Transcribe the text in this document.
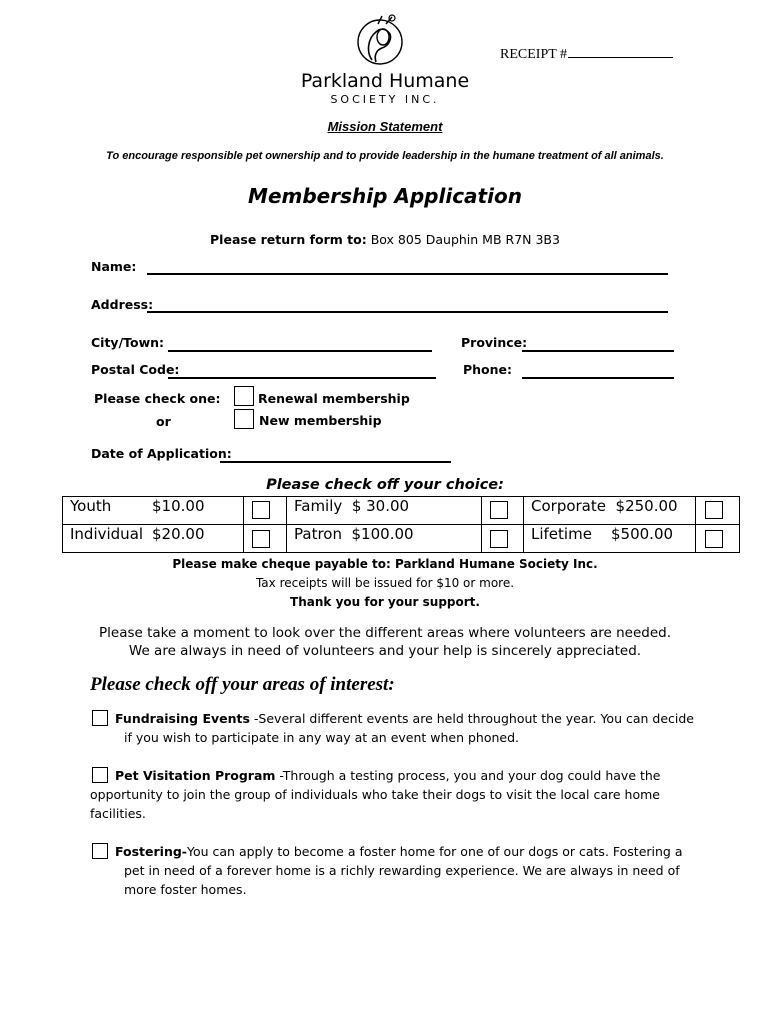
RECEIPT #
Parkland Humane
SOCIETY INC.
Mission Statement
To encourage responsible pet ownership and to provide leadership in the humane treatment of all animals.
Membership Application
Please return form to: Box 805 Dauphin MB R7N 3B3
Name:
Address:
City/Town:	Province:
Postal Code:	Phone:
Please check one:
or
Renewal membership
New membership
Date of Application:
Please check off your choice:
Youth $10.00		Family $ 30.00		Corporate $250.00	

Individual $20.00		Patron $100.00		Lifetime $500.00	
Please make cheque payable to: Parkland Humane Society Inc.
Tax receipts will be issued for $10 or more.
Thank you for your support.
Please take a moment to look over the different areas where volunteers are needed.
We are always in need of volunteers and your help is sincerely appreciated.
Please check off your areas of interest:
Fundraising Events -Several different events are held throughout the year. You can decide
if you wish to participate in any way at an event when phoned.
Pet Visitation Program -Through a testing process, you and your dog could have the
opportunity to join the group of individuals who take their dogs to visit the local care home
facilities.
Fostering-You can apply to become a foster home for one of our dogs or cats. Fostering a
pet in need of a forever home is a richly rewarding experience. We are always in need of
more foster homes.
